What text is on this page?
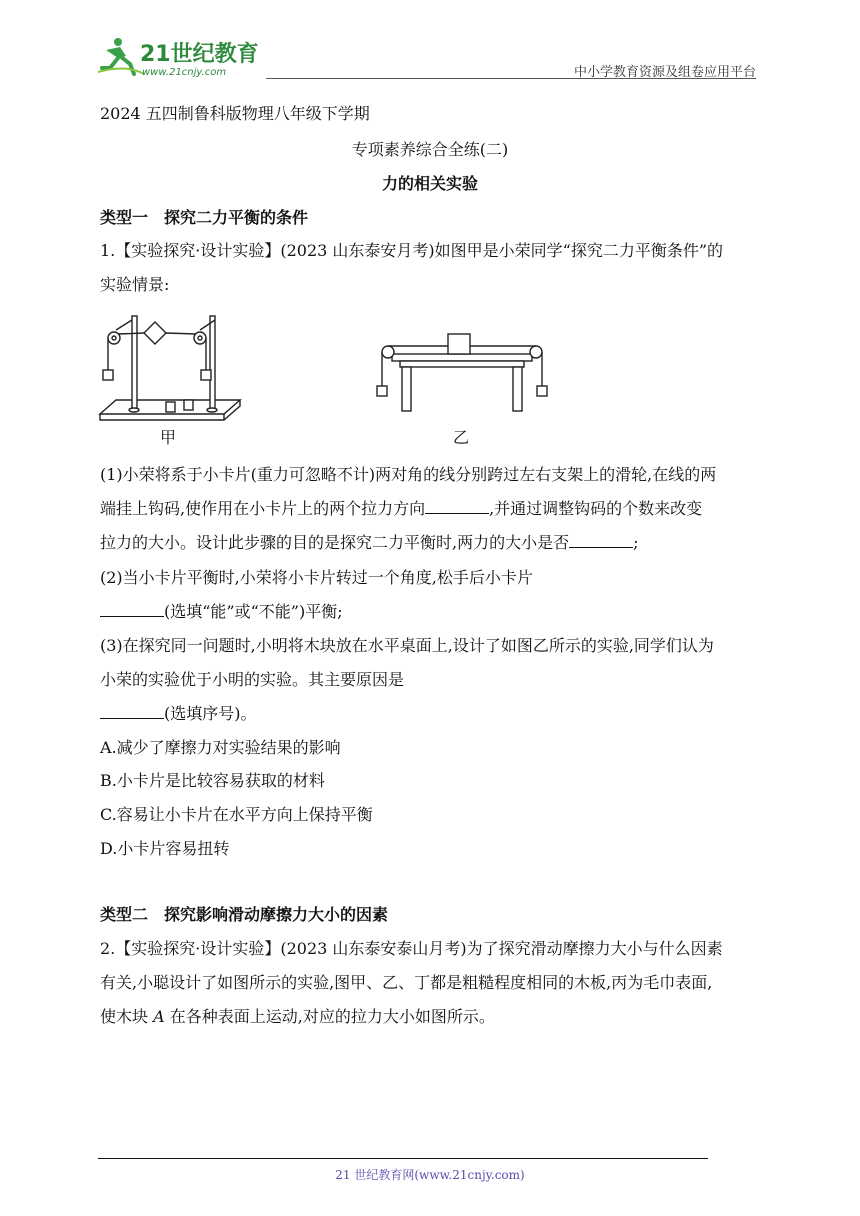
21世纪教育
www.21cnjy.com	中小学教育资源及组卷应用平台
2024 五四制鲁科版物理八年级下学期
专项素养综合全练(二)
力的相关实验
类型一　探究二力平衡的条件
1.【实验探究·设计实验】(2023 山东泰安月考)如图甲是小荣同学“探究二力平衡条件”的
实验情景:
甲	乙
(1)小荣将系于小卡片(重力可忽略不计)两对角的线分别跨过左右支架上的滑轮,在线的两
端挂上钩码,使作用在小卡片上的两个拉力方向	,并通过调整钩码的个数来改变
拉力的大小。设计此步骤的目的是探究二力平衡时,两力的大小是否	;
(2)当小卡片平衡时,小荣将小卡片转过一个角度,松手后小卡片
(选填“能”或“不能”)平衡;
(3)在探究同一问题时,小明将木块放在水平桌面上,设计了如图乙所示的实验,同学们认为
小荣的实验优于小明的实验。其主要原因是
(选填序号)。
A.减少了摩擦力对实验结果的影响
B.小卡片是比较容易获取的材料
C.容易让小卡片在水平方向上保持平衡
D.小卡片容易扭转
类型二　探究影响滑动摩擦力大小的因素
2.【实验探究·设计实验】(2023 山东泰安泰山月考)为了探究滑动摩擦力大小与什么因素
有关,小聪设计了如图所示的实验,图甲、乙、丁都是粗糙程度相同的木板,丙为毛巾表面,
使木块 A 在各种表面上运动,对应的拉力大小如图所示。
21 世纪教育网(www.21cnjy.com)
